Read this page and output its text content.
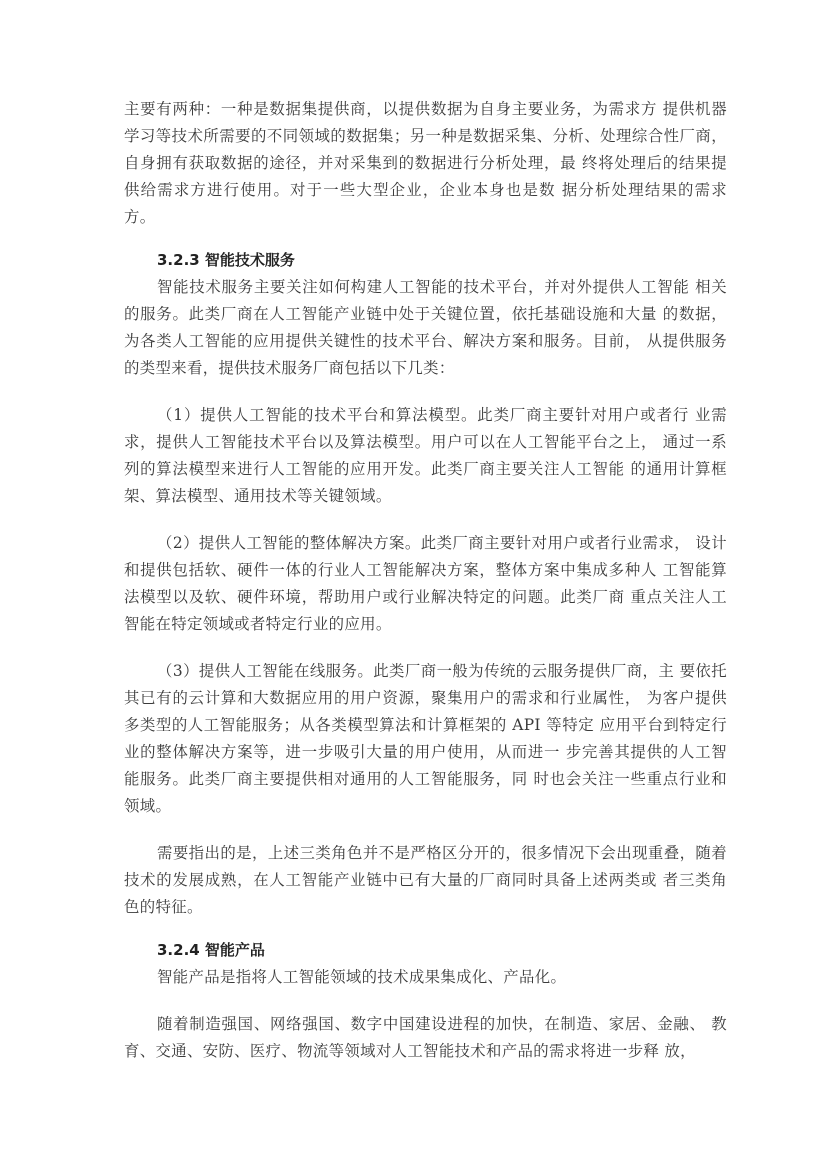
主要有两种：一种是数据集提供商，以提供数据为自身主要业务，为需求方 提供机器学习等技术所需要的不同领域的数据集；另一种是数据采集、分析、处理综合性厂商，自身拥有获取数据的途径，并对采集到的数据进行分析处理，最 终将处理后的结果提供给需求方进行使用。对于一些大型企业，企业本身也是数 据分析处理结果的需求方。

3.2.3 智能技术服务

智能技术服务主要关注如何构建人工智能的技术平台，并对外提供人工智能 相关的服务。此类厂商在人工智能产业链中处于关键位置，依托基础设施和大量 的数据，为各类人工智能的应用提供关键性的技术平台、解决方案和服务。目前， 从提供服务的类型来看，提供技术服务厂商包括以下几类：

（1）提供人工智能的技术平台和算法模型。此类厂商主要针对用户或者行 业需求，提供人工智能技术平台以及算法模型。用户可以在人工智能平台之上， 通过一系列的算法模型来进行人工智能的应用开发。此类厂商主要关注人工智能 的通用计算框架、算法模型、通用技术等关键领域。

（2）提供人工智能的整体解决方案。此类厂商主要针对用户或者行业需求， 设计和提供包括软、硬件一体的行业人工智能解决方案，整体方案中集成多种人 工智能算法模型以及软、硬件环境，帮助用户或行业解决特定的问题。此类厂商 重点关注人工智能在特定领域或者特定行业的应用。

（3）提供人工智能在线服务。此类厂商一般为传统的云服务提供厂商，主 要依托其已有的云计算和大数据应用的用户资源，聚集用户的需求和行业属性， 为客户提供多类型的人工智能服务；从各类模型算法和计算框架的 API 等特定 应用平台到特定行业的整体解决方案等，进一步吸引大量的用户使用，从而进一 步完善其提供的人工智能服务。此类厂商主要提供相对通用的人工智能服务，同 时也会关注一些重点行业和领域。

需要指出的是，上述三类角色并不是严格区分开的，很多情况下会出现重叠，随着技术的发展成熟，在人工智能产业链中已有大量的厂商同时具备上述两类或 者三类角色的特征。

3.2.4 智能产品

智能产品是指将人工智能领域的技术成果集成化、产品化。

随着制造强国、网络强国、数字中国建设进程的加快，在制造、家居、金融、 教育、交通、安防、医疗、物流等领域对人工智能技术和产品的需求将进一步释 放，
